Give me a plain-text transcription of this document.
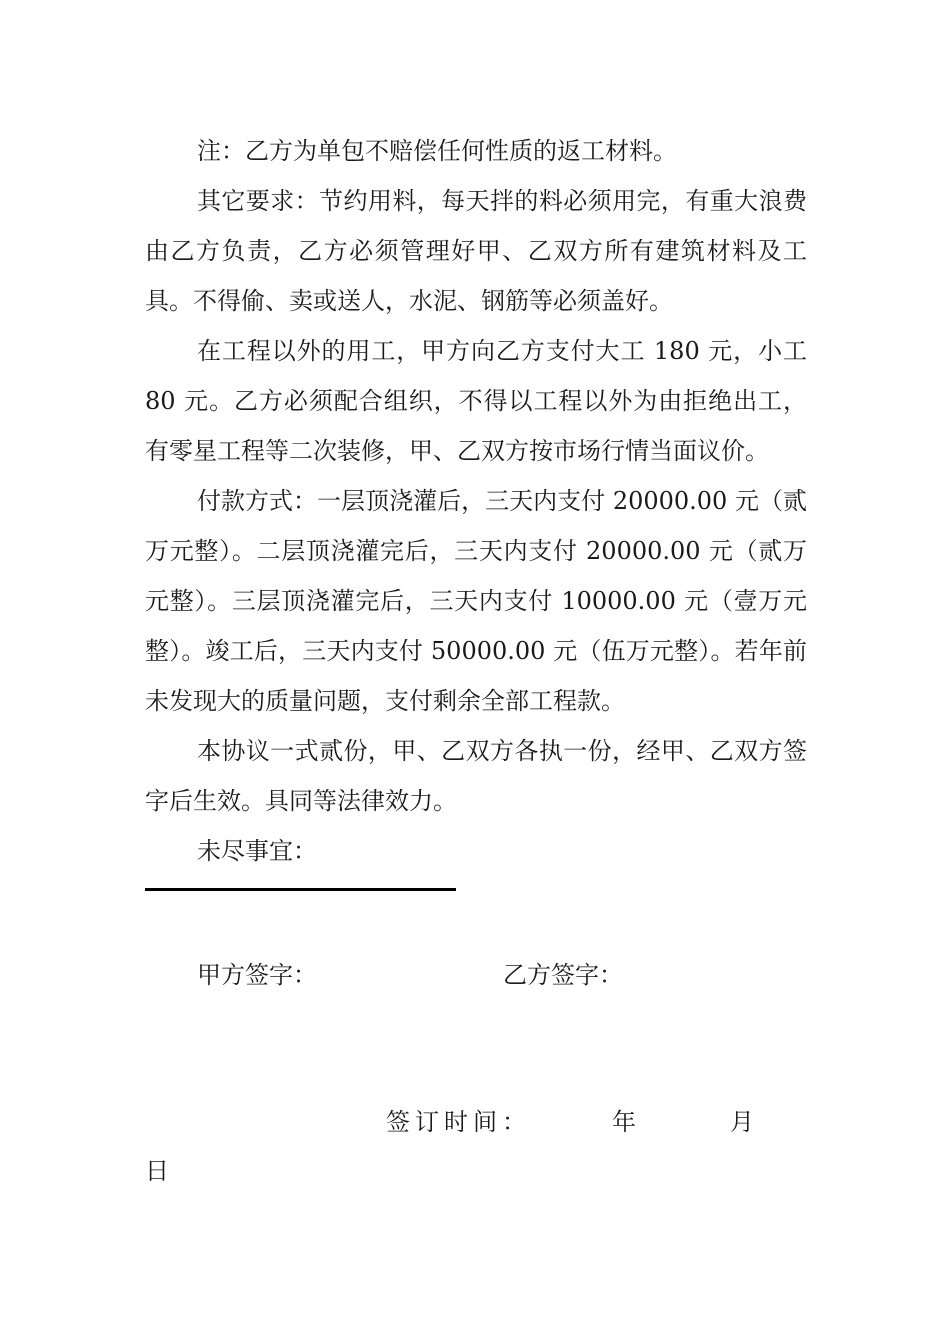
注：乙方为单包不赔偿任何性质的返工材料。

其它要求：节约用料，每天拌的料必须用完，有重大浪费由乙方负责，乙方必须管理好甲、乙双方所有建筑材料及工具。不得偷、卖或送人，水泥、钢筋等必须盖好。

在工程以外的用工，甲方向乙方支付大工 180 元，小工 80 元。乙方必须配合组织，不得以工程以外为由拒绝出工，有零星工程等二次装修，甲、乙双方按市场行情当面议价。

付款方式：一层顶浇灌后，三天内支付 20000.00 元（贰万元整）。二层顶浇灌完后，三天内支付 20000.00 元（贰万元整）。三层顶浇灌完后，三天内支付 10000.00 元（壹万元整）。竣工后，三天内支付 50000.00 元（伍万元整）。若年前未发现大的质量问题，支付剩余全部工程款。

本协议一式贰份，甲、乙双方各执一份，经甲、乙双方签字后生效。具同等法律效力。

未尽事宜：

甲方签字：	乙方签字：
签订时间：	年	月
日
